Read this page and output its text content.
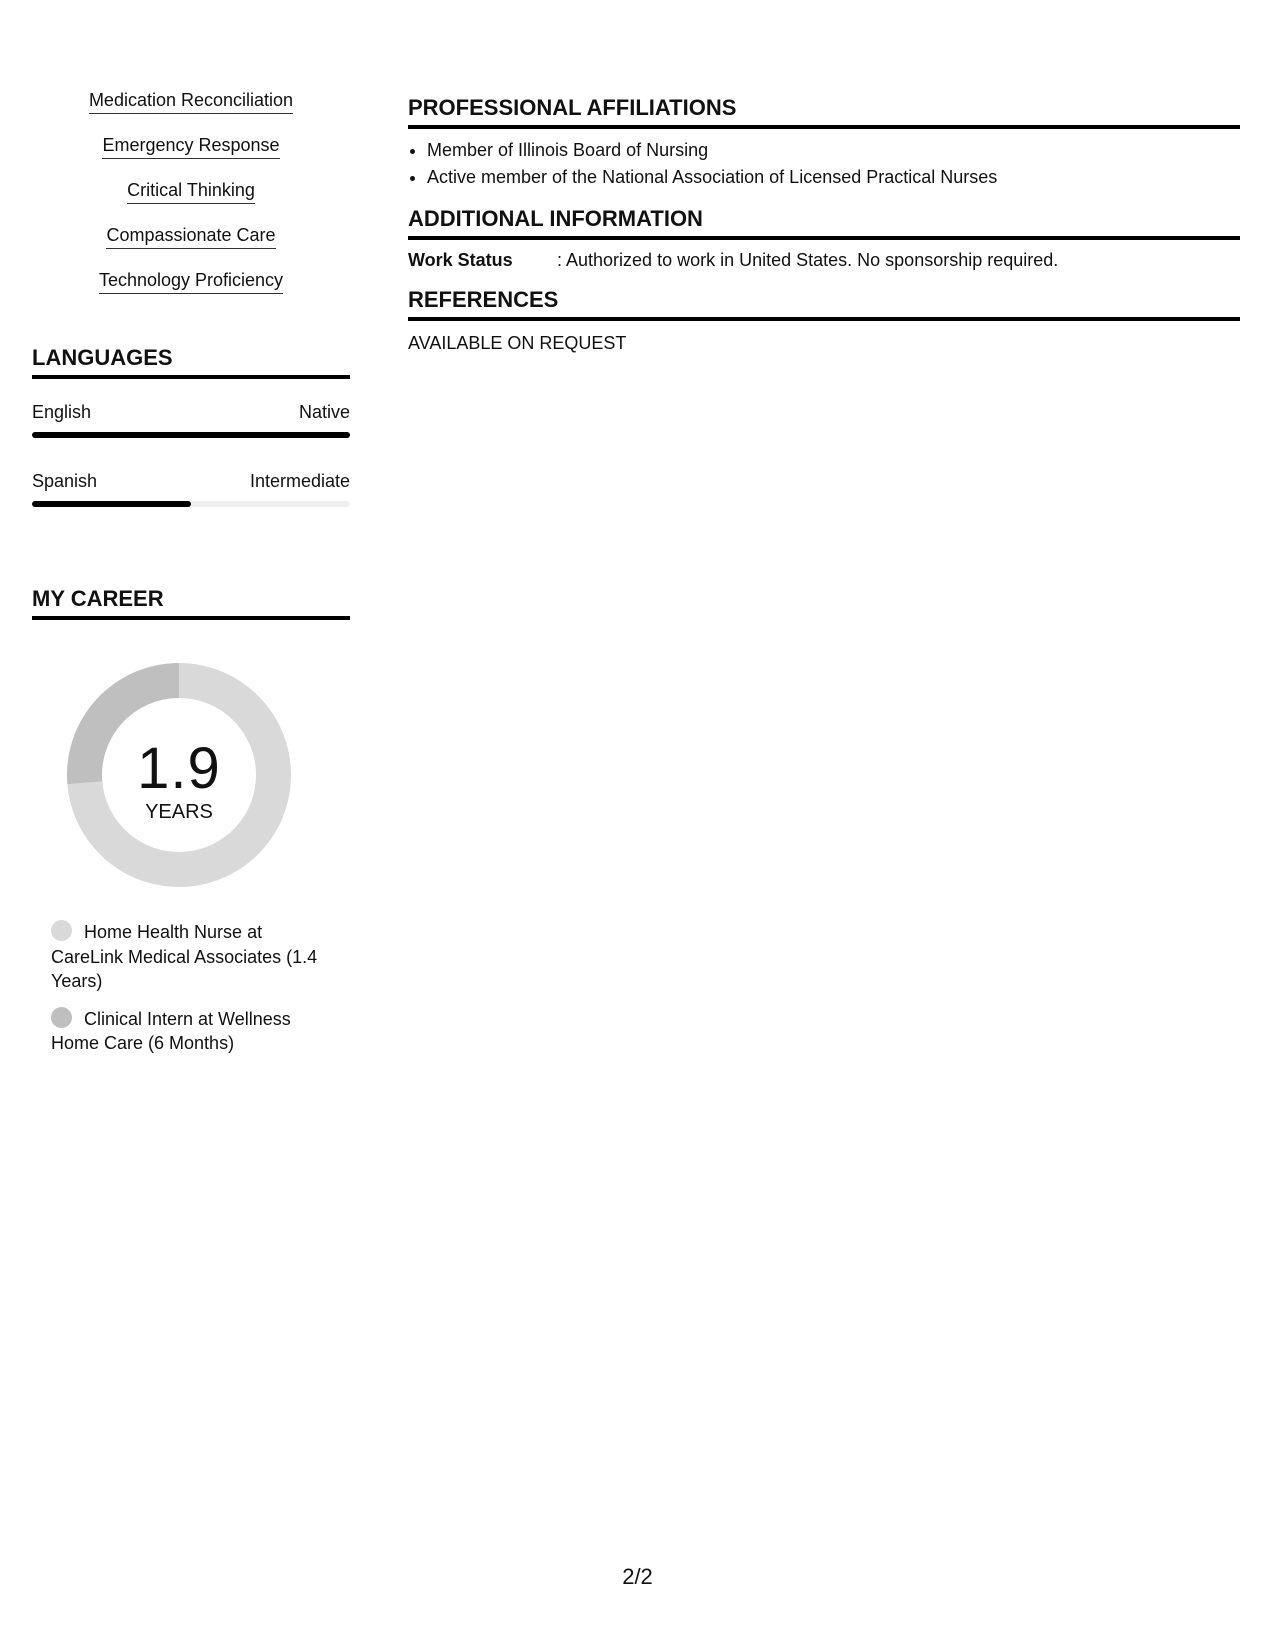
Medication Reconciliation
Emergency Response
Critical Thinking
Compassionate Care
Technology Proficiency
LANGUAGES
English	Native
Spanish	Intermediate
MY CAREER
1.9
YEARS
Home Health Nurse at CareLink Medical Associates (1.4 Years)
Clinical Intern at Wellness Home Care (6 Months)
PROFESSIONAL AFFILIATIONS
• Member of Illinois Board of Nursing
• Active member of the National Association of Licensed Practical Nurses
ADDITIONAL INFORMATION
Work Status	: Authorized to work in United States. No sponsorship required.
REFERENCES
AVAILABLE ON REQUEST
2/2
